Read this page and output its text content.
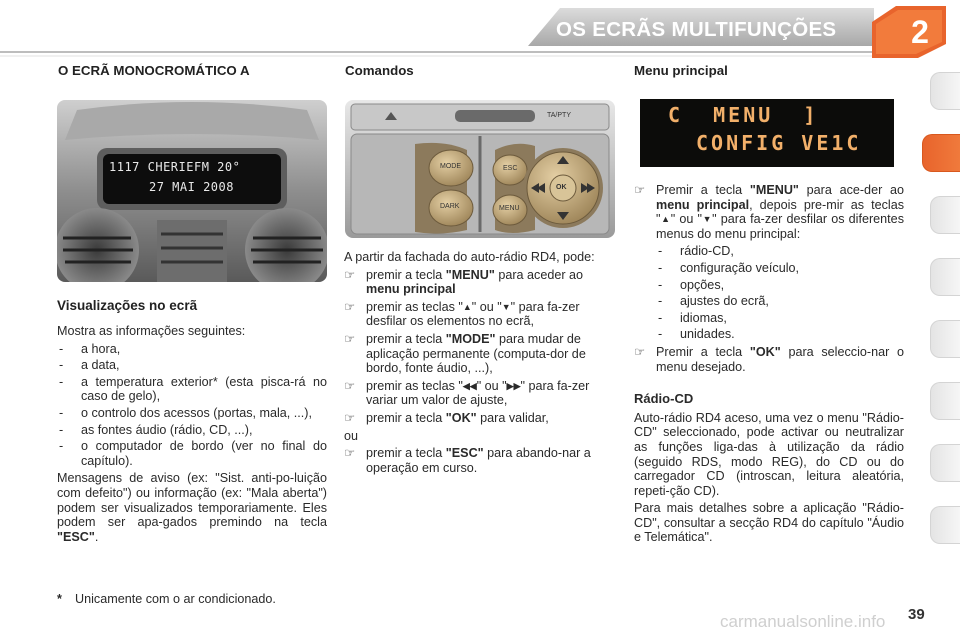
OS ECRÃS MULTIFUNÇÕES	2
O ECRÃ MONOCROMÁTICO A
1117 CHERIEFM 20°
27 MAI 2008
Visualizações no ecrã
Mostra as informações seguintes:
- a hora,
- a data,
- a temperatura exterior* (esta pisca-rá no caso de gelo),
- o controlo dos acessos (portas, mala, ...),
- as fontes áudio (rádio, CD, ...),
- o computador de bordo (ver no final do capítulo).
Mensagens de aviso (ex: "Sist. anti-po-luição com defeito") ou informação (ex: "Mala aberta") podem ser visualizados temporariamente. Eles podem ser apa-gados premindo na tecla "ESC".
* Unicamente com o ar condicionado.
Comandos
MODE
DARK
ESC
MENU
OK
TA/PTY
A partir da fachada do auto-rádio RD4, pode:
☞ premir a tecla "MENU" para aceder ao menu principal
☞ premir as teclas "▲" ou "▼" para fa-zer desfilar os elementos no ecrã,
☞ premir a tecla "MODE" para mudar de aplicação permanente (computa-dor de bordo, fonte áudio, ...),
☞ premir as teclas "◀◀" ou "▶▶" para fa-zer variar um valor de ajuste,
☞ premir a tecla "OK" para validar,
ou
☞ premir a tecla "ESC" para abando-nar a operação em curso.
Menu principal
C  MENU  ]
CONFIG VE1C
☞ Premir a tecla "MENU" para ace-der ao menu principal, depois pre-mir as teclas "▲" ou "▼" para fa-zer desfilar os diferentes menus do menu principal:
- rádio-CD,
- configuração veículo,
- opções,
- ajustes do ecrã,
- idiomas,
- unidades.
☞ Premir a tecla "OK" para seleccio-nar o menu desejado.
Rádio-CD
Auto-rádio RD4 aceso, uma vez o menu "Rádio-CD" seleccionado, pode activar ou neutralizar as funções liga-das à utilização da rádio (seguido RDS, modo REG), do CD ou do carregador CD (introscan, leitura aleatória, repeti-ção CD).
Para mais detalhes sobre a aplicação "Rádio-CD", consultar a secção RD4 do capítulo "Áudio e Telemática".
carmanualsonline.info 39
